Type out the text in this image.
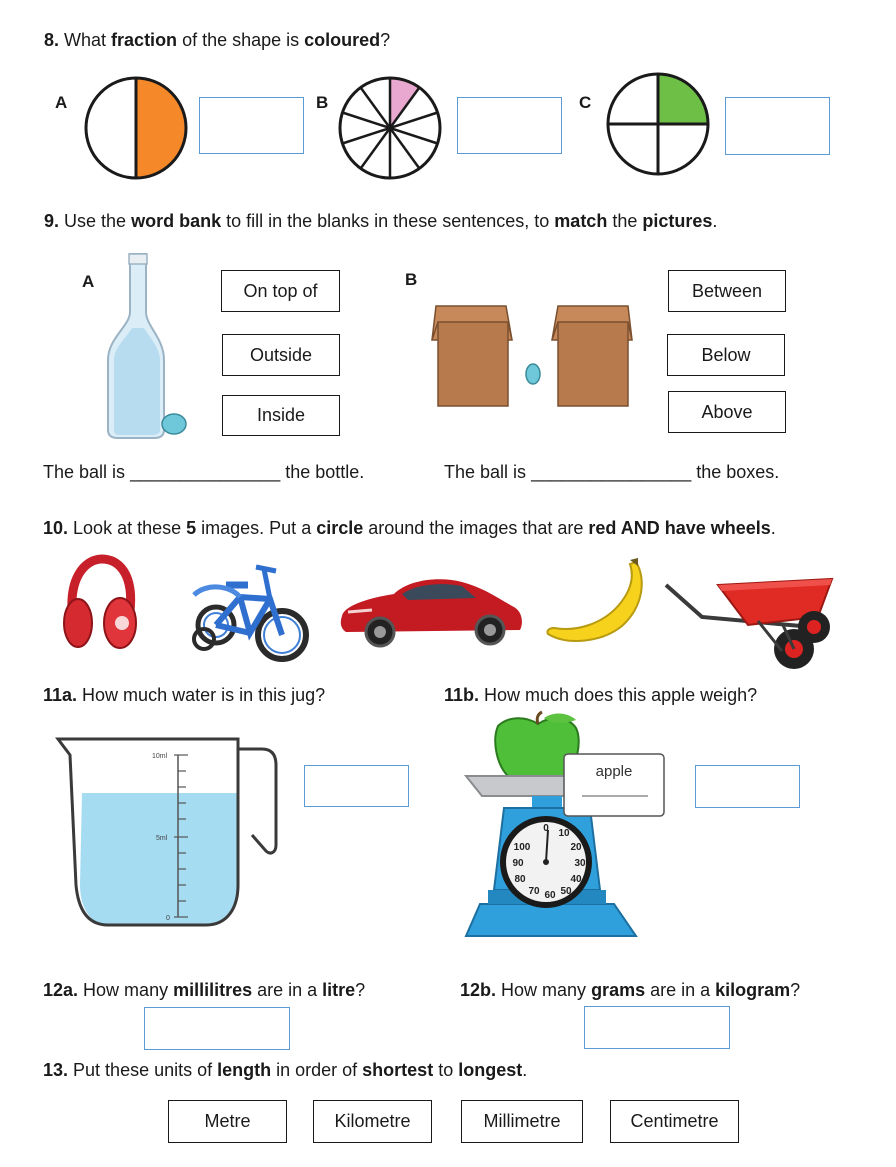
8. What fraction of the shape is coloured?
A	B	C
9. Use the word bank to fill in the blanks in these sentences, to match the pictures.
A	On top of
Outside
Inside
B
Between
Below
Above
The ball is _______________ the bottle.	The ball is ________________ the boxes.
10. Look at these 5 images. Put a circle around the images that are red AND have wheels.
11a. How much water is in this jug?	11b. How much does this apple weigh?
10ml
5ml
0
0 10
20
30
40
50
60
70
80
90
100
apple
12a. How many millilitres are in a litre?	12b. How many grams are in a kilogram?
13. Put these units of length in order of shortest to longest.
Metre	Kilometre	Millimetre	Centimetre
